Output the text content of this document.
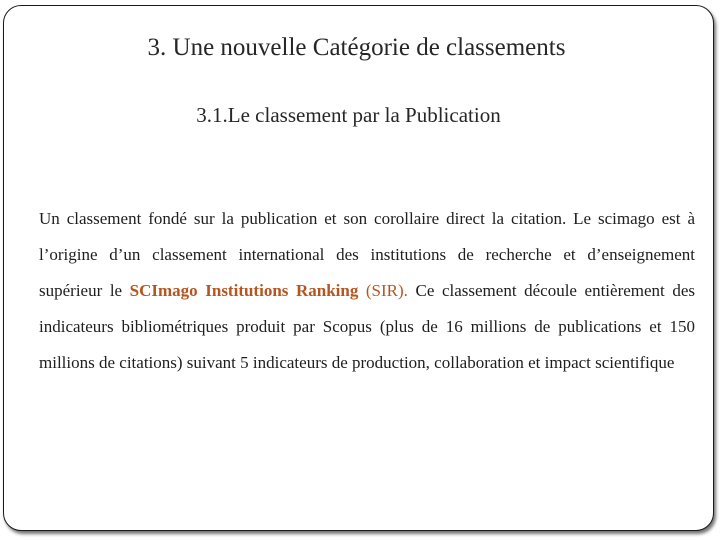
3. Une nouvelle Catégorie de classements
3.1.Le classement par la Publication
Un classement fondé sur la publication et son corollaire direct la citation. Le scimago est à l’origine d’un classement international des institutions de recherche et d’enseignement supérieur le SCImago Institutions Ranking (SIR). Ce classement découle entièrement des indicateurs bibliométriques produit par Scopus (plus de 16 millions de publications et 150 millions de citations) suivant 5 indicateurs de production, collaboration et impact scientifique
